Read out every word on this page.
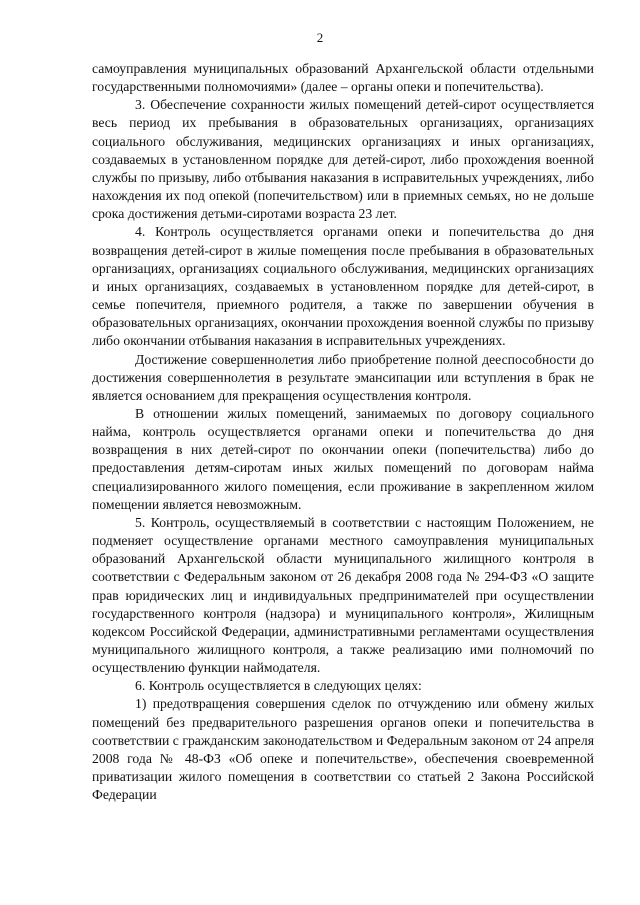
2

самоуправления муниципальных образований Архангельской области отдельными государственными полномочиями» (далее – органы опеки и попечительства).

3. Обеспечение сохранности жилых помещений детей-сирот осуществляется весь период их пребывания в образовательных организациях, организациях социального обслуживания, медицинских организациях и иных организациях, создаваемых в установленном порядке для детей-сирот, либо прохождения военной службы по призыву, либо отбывания наказания в исправительных учреждениях, либо нахождения их под опекой (попечительством) или в приемных семьях, но не дольше срока достижения детьми-сиротами возраста 23 лет.

4. Контроль осуществляется органами опеки и попечительства до дня возвращения детей-сирот в жилые помещения после пребывания в образовательных организациях, организациях социального обслуживания, медицинских организациях и иных организациях, создаваемых в установленном порядке для детей-сирот, в семье попечителя, приемного родителя, а также по завершении обучения в образовательных организациях, окончании прохождения военной службы по призыву либо окончании отбывания наказания в исправительных учреждениях.

Достижение совершеннолетия либо приобретение полной дееспособности до достижения совершеннолетия в результате эмансипации или вступления в брак не является основанием для прекращения осуществления контроля.

В отношении жилых помещений, занимаемых по договору социального найма, контроль осуществляется органами опеки и попечительства до дня возвращения в них детей-сирот по окончании опеки (попечительства) либо до предоставления детям-сиротам иных жилых помещений по договорам найма специализированного жилого помещения, если проживание в закрепленном жилом помещении является невозможным.

5. Контроль, осуществляемый в соответствии с настоящим Положением, не подменяет осуществление органами местного самоуправления муниципальных образований Архангельской области муниципального жилищного контроля в соответствии с Федеральным законом от 26 декабря 2008 года № 294-ФЗ «О защите прав юридических лиц и индивидуальных предпринимателей при осуществлении государственного контроля (надзора) и муниципального контроля», Жилищным кодексом Российской Федерации, административными регламентами осуществления муниципального жилищного контроля, а также реализацию ими полномочий по осуществлению функции наймодателя.

6. Контроль осуществляется в следующих целях:

1) предотвращения совершения сделок по отчуждению или обмену жилых помещений без предварительного разрешения органов опеки и попечительства в соответствии с гражданским законодательством и Федеральным законом от 24 апреля 2008 года № 48-ФЗ «Об опеке и попечительстве», обеспечения своевременной приватизации жилого помещения в соответствии со статьей 2 Закона Российской Федерации
